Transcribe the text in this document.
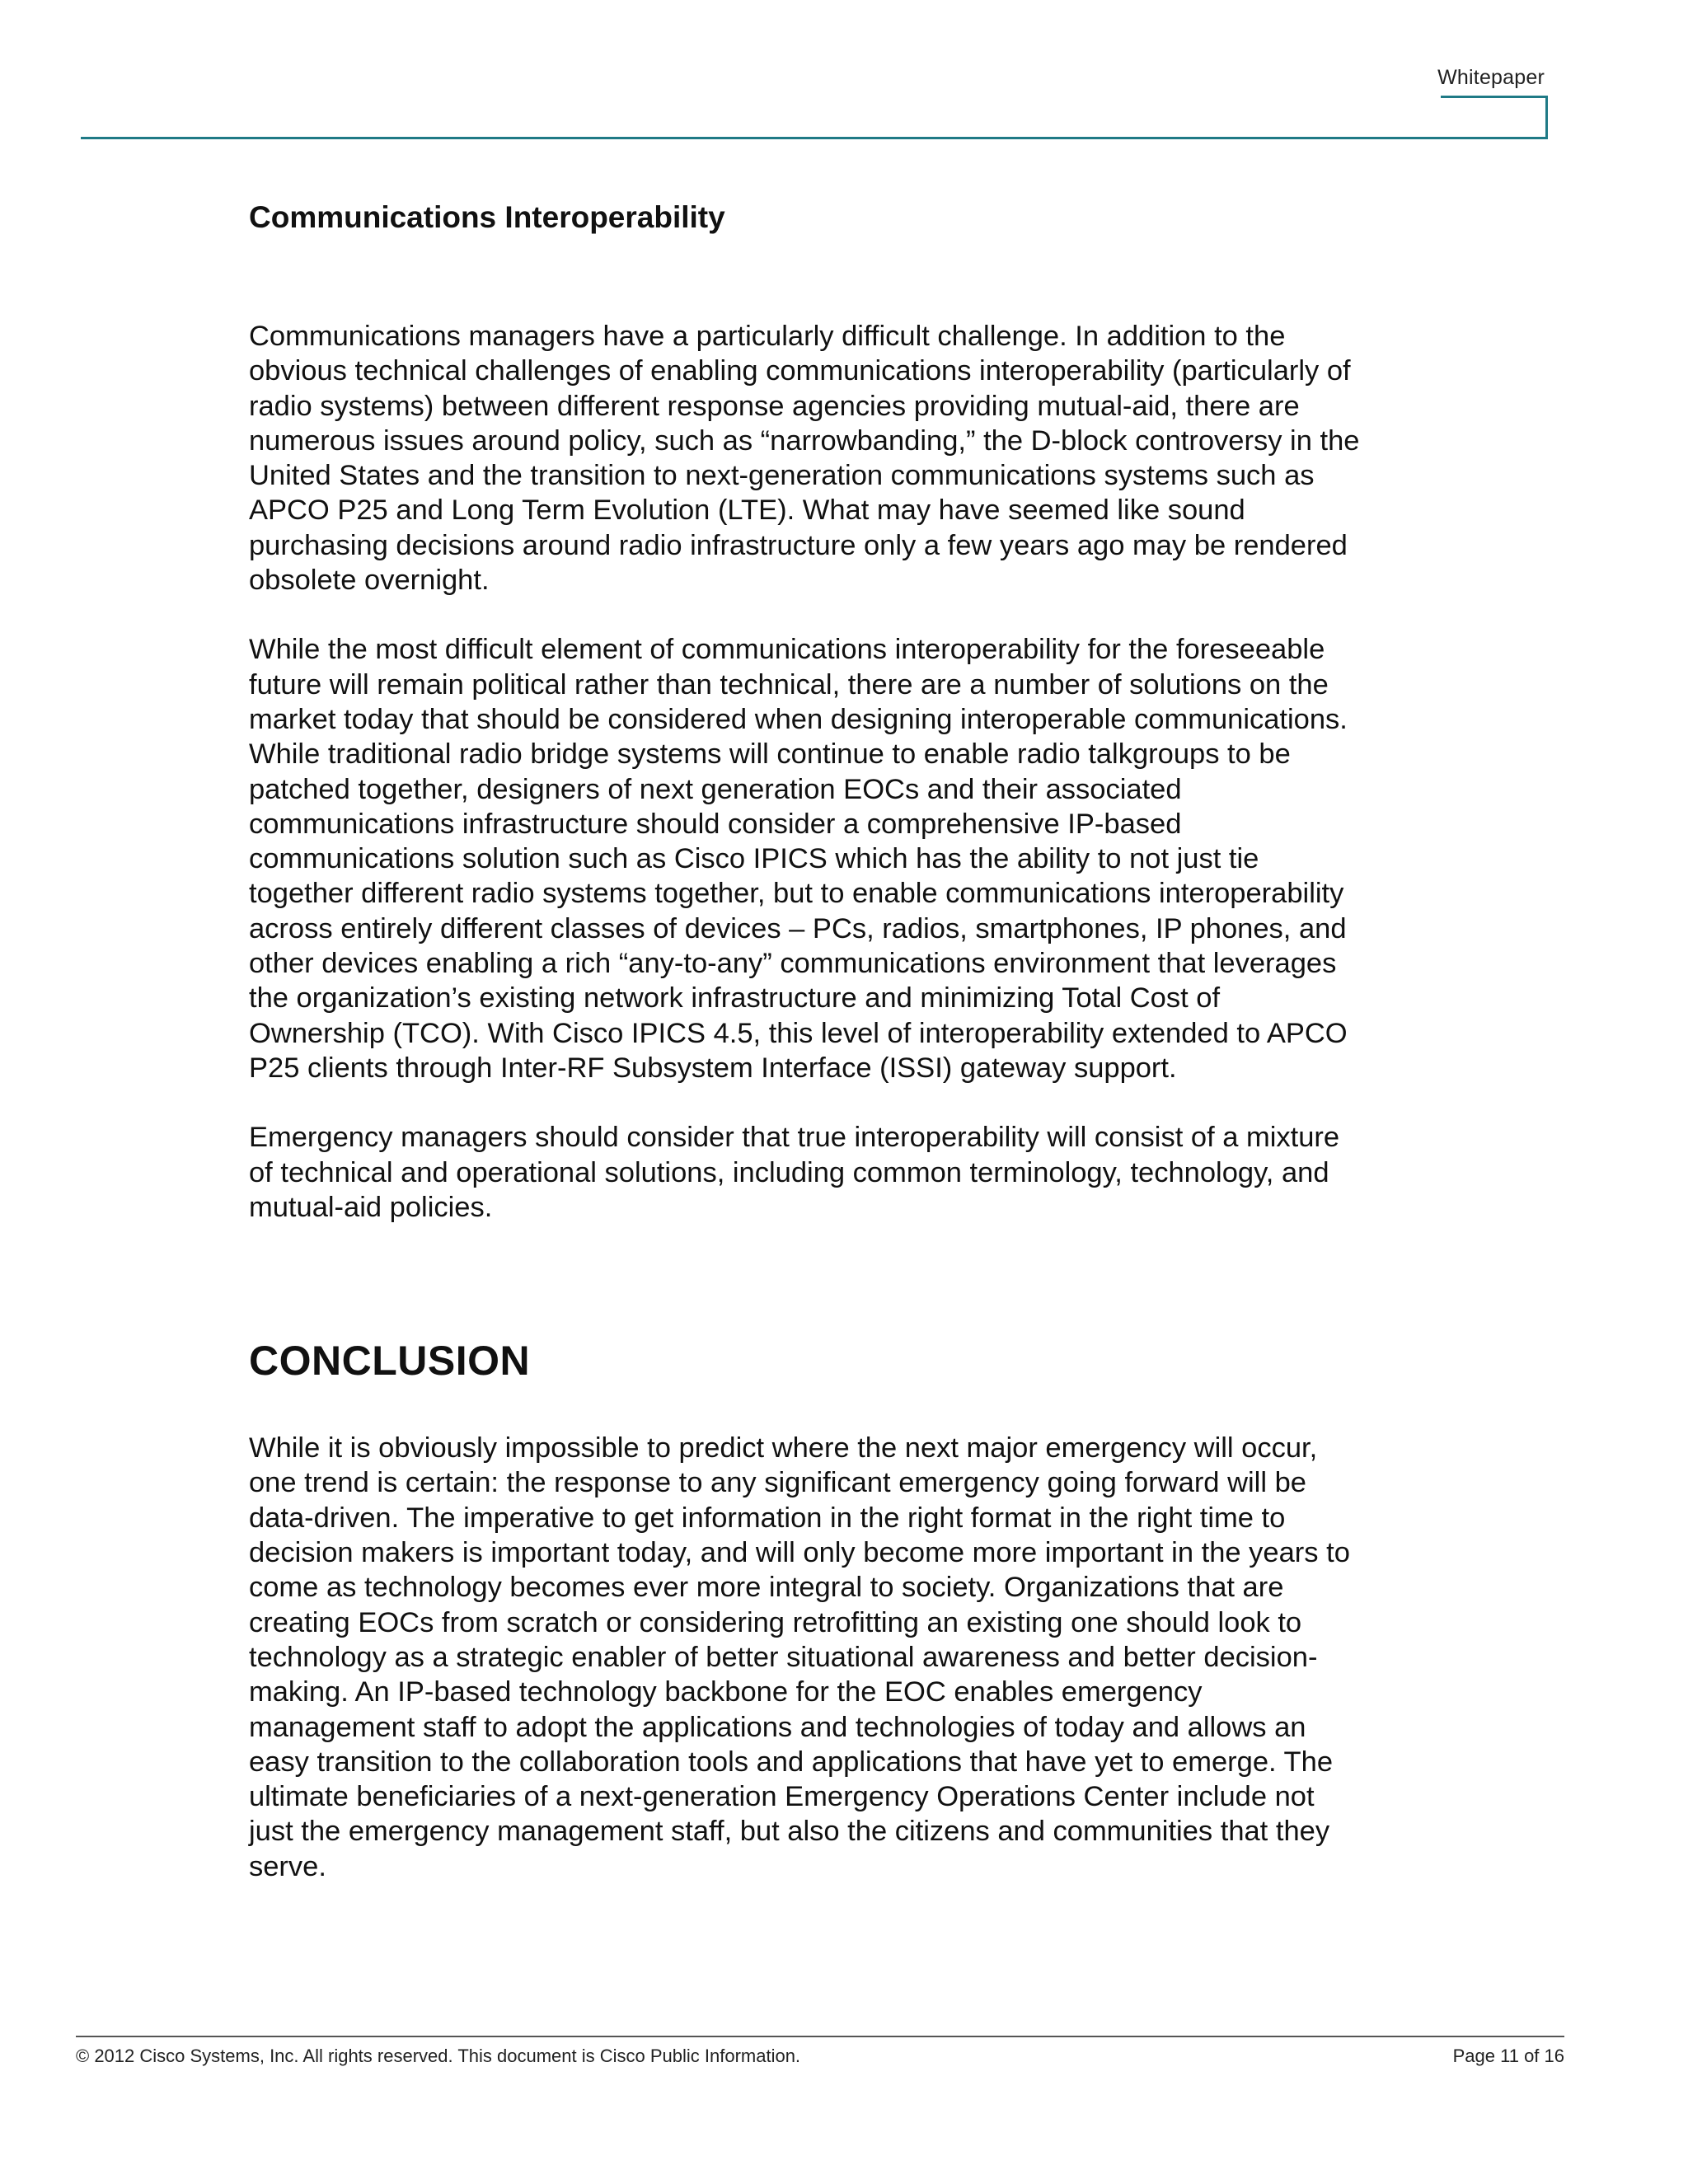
Whitepaper
Communications Interoperability

Communications managers have a particularly difficult challenge. In addition to the
obvious technical challenges of enabling communications interoperability (particularly of
radio systems) between different response agencies providing mutual-aid, there are
numerous issues around policy, such as “narrowbanding,” the D-block controversy in the
United States and the transition to next-generation communications systems such as
APCO P25 and Long Term Evolution (LTE). What may have seemed like sound
purchasing decisions around radio infrastructure only a few years ago may be rendered
obsolete overnight.

While the most difficult element of communications interoperability for the foreseeable
future will remain political rather than technical, there are a number of solutions on the
market today that should be considered when designing interoperable communications.
While traditional radio bridge systems will continue to enable radio talkgroups to be
patched together, designers of next generation EOCs and their associated
communications infrastructure should consider a comprehensive IP-based
communications solution such as Cisco IPICS which has the ability to not just tie
together different radio systems together, but to enable communications interoperability
across entirely different classes of devices – PCs, radios, smartphones, IP phones, and
other devices enabling a rich “any-to-any” communications environment that leverages
the organization’s existing network infrastructure and minimizing Total Cost of
Ownership (TCO). With Cisco IPICS 4.5, this level of interoperability extended to APCO
P25 clients through Inter-RF Subsystem Interface (ISSI) gateway support.

Emergency managers should consider that true interoperability will consist of a mixture
of technical and operational solutions, including common terminology, technology, and
mutual-aid policies.

CONCLUSION

While it is obviously impossible to predict where the next major emergency will occur,
one trend is certain: the response to any significant emergency going forward will be
data-driven. The imperative to get information in the right format in the right time to
decision makers is important today, and will only become more important in the years to
come as technology becomes ever more integral to society. Organizations that are
creating EOCs from scratch or considering retrofitting an existing one should look to
technology as a strategic enabler of better situational awareness and better decision-
making. An IP-based technology backbone for the EOC enables emergency
management staff to adopt the applications and technologies of today and allows an
easy transition to the collaboration tools and applications that have yet to emerge. The
ultimate beneficiaries of a next-generation Emergency Operations Center include not
just the emergency management staff, but also the citizens and communities that they
serve.

© 2012 Cisco Systems, Inc. All rights reserved. This document is Cisco Public Information.	Page 11 of 16
